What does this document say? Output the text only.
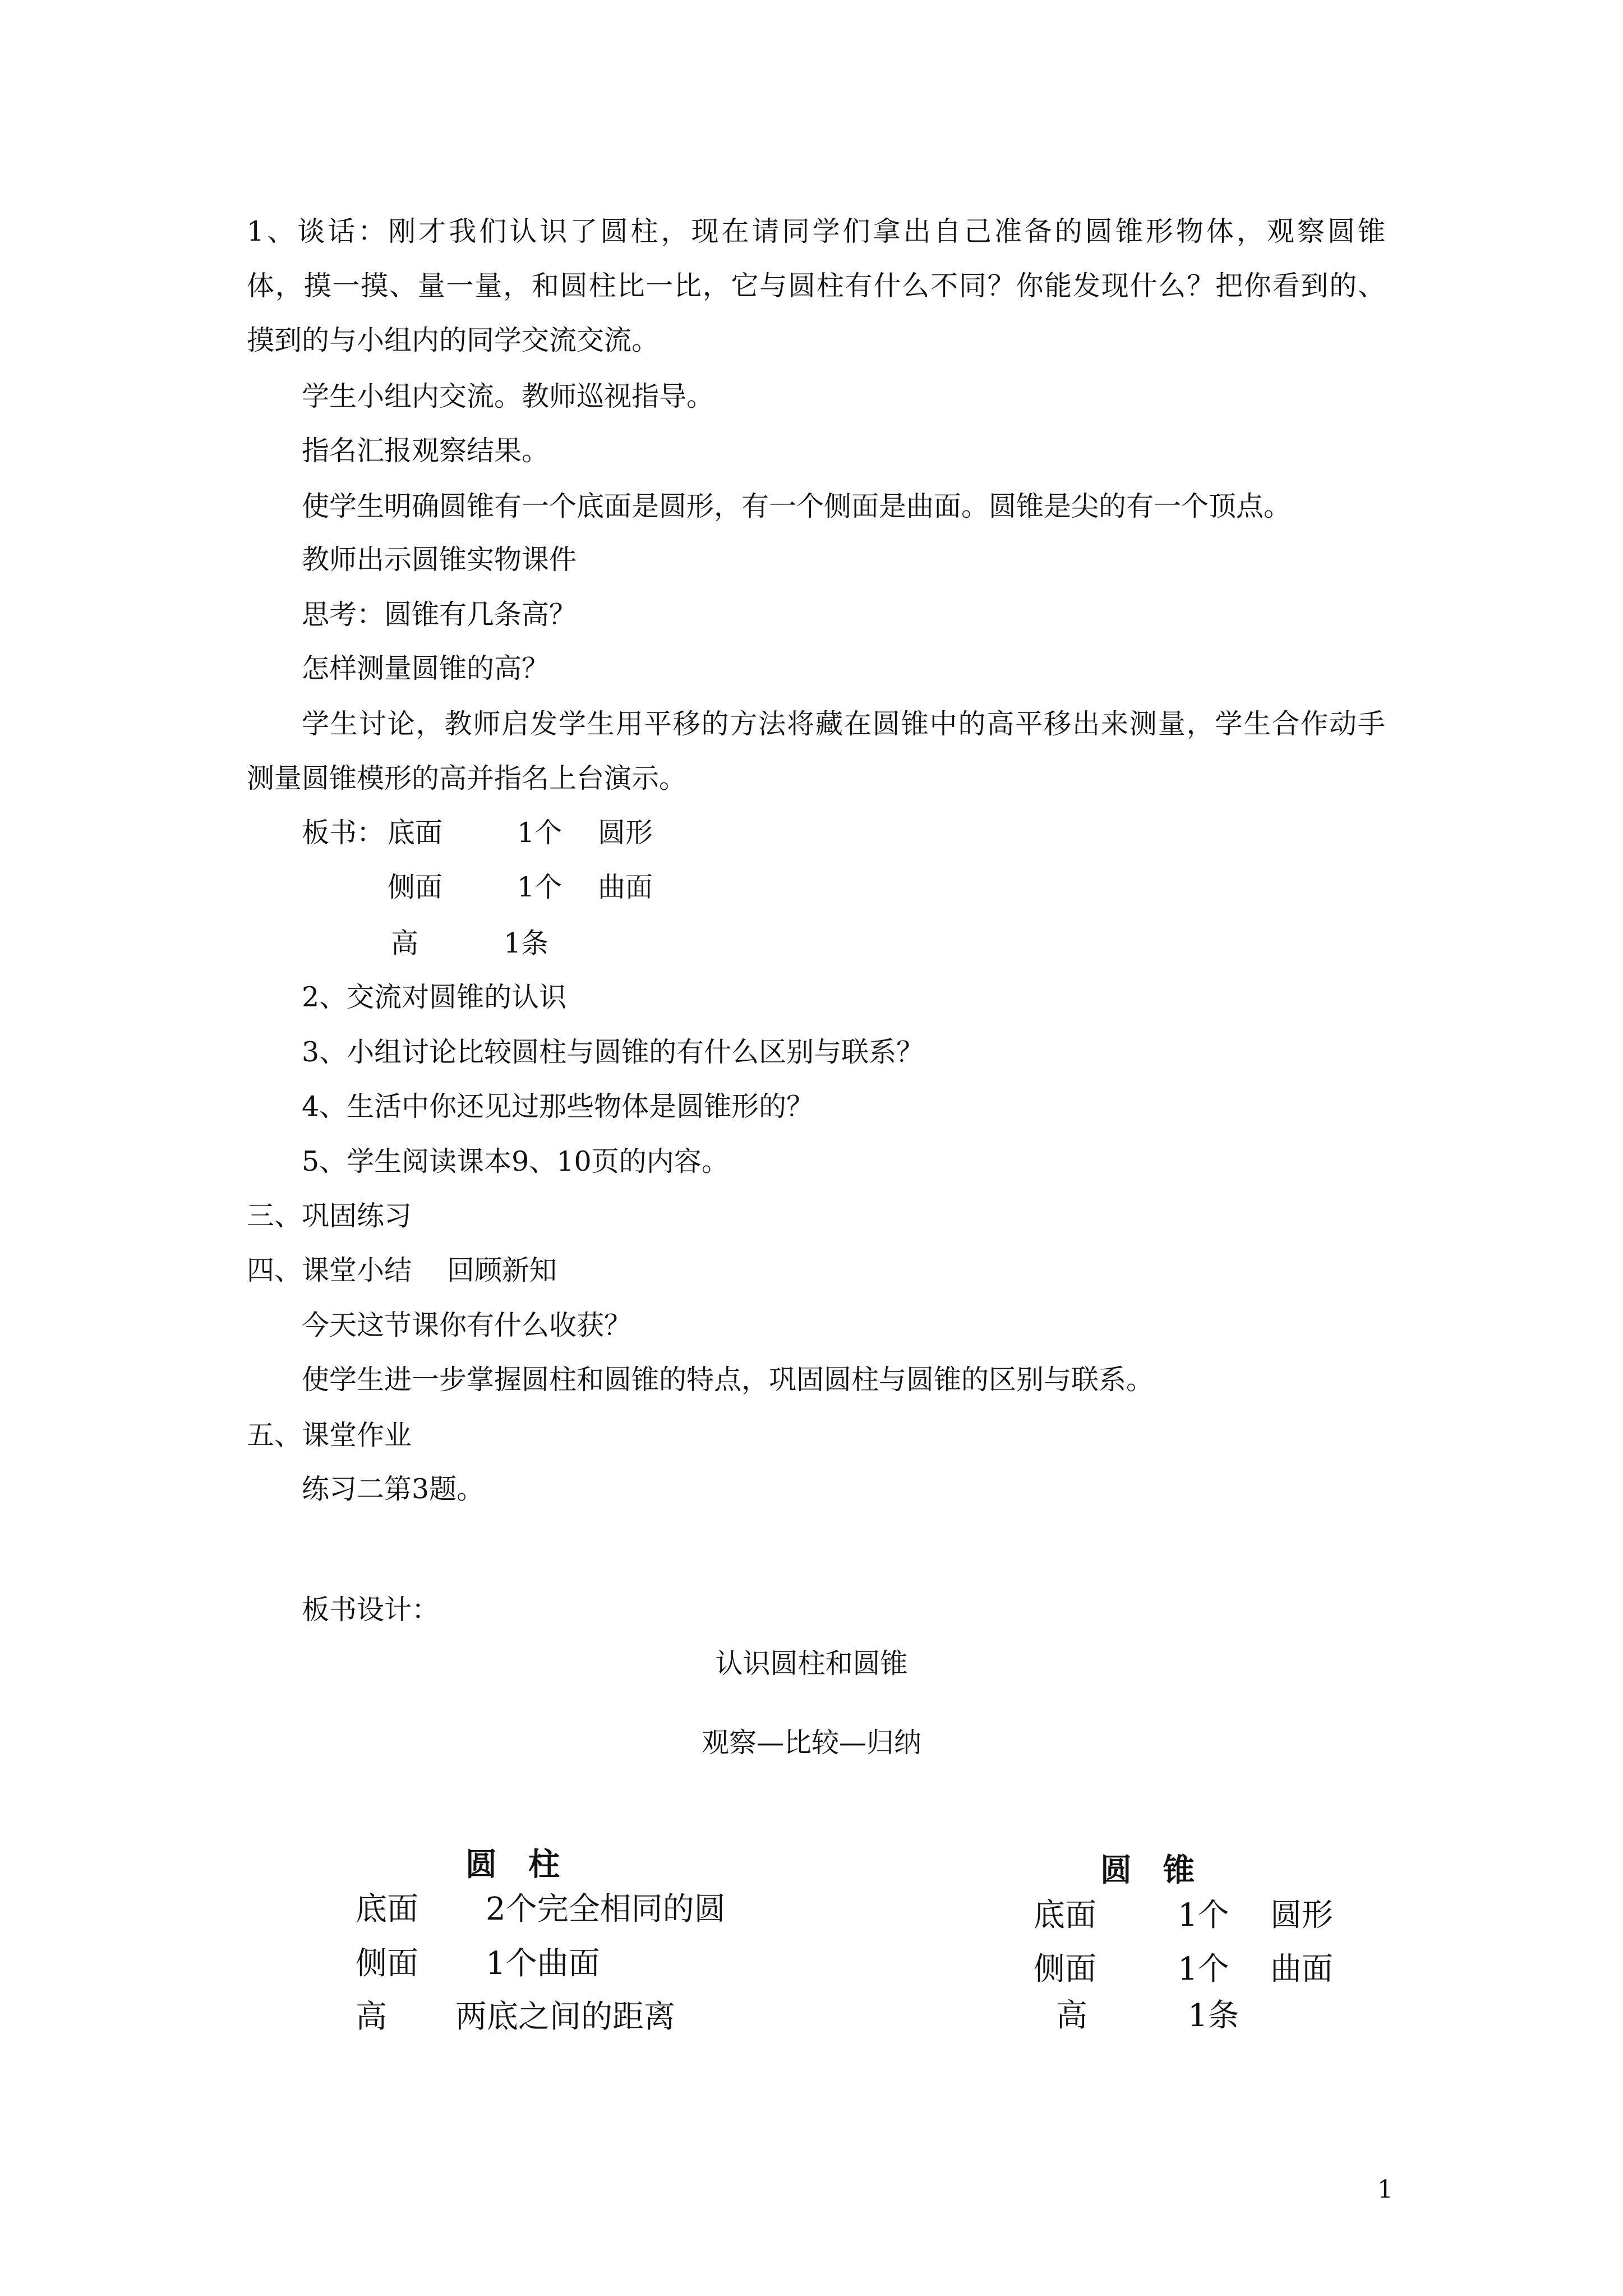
1、谈话：刚才我们认识了圆柱，现在请同学们拿出自己准备的圆锥形物体，观察圆锥
体，摸一摸、量一量，和圆柱比一比，它与圆柱有什么不同？你能发现什么？把你看到的、
摸到的与小组内的同学交流交流。
学生小组内交流。教师巡视指导。
指名汇报观察结果。
使学生明确圆锥有一个底面是圆形，有一个侧面是曲面。圆锥是尖的有一个顶点。
教师出示圆锥实物课件
思考：圆锥有几条高？
怎样测量圆锥的高？
学生讨论，教师启发学生用平移的方法将藏在圆锥中的高平移出来测量，学生合作动手
测量圆锥模形的高并指名上台演示。
板书： 底面	1个 圆形
侧面	1个 曲面
高	1条
2、交流对圆锥的认识
3、小组讨论比较圆柱与圆锥的有什么区别与联系？
4、生活中你还见过那些物体是圆锥形的？
5、学生阅读课本9、10页的内容。
三、巩固练习
四、课堂小结 回顾新知
今天这节课你有什么收获？
使学生进一步掌握圆柱和圆锥的特点，巩固圆柱与圆锥的区别与联系。
五、课堂作业
练习二第3题。
板书设计：
认识圆柱和圆锥
观察—比较—归纳
圆　柱	圆　锥
底面 2个完全相同的圆
侧面 1个曲面
高 两底之间的距离
底面	1个 圆形
侧面	1个 曲面
高	1条
1
